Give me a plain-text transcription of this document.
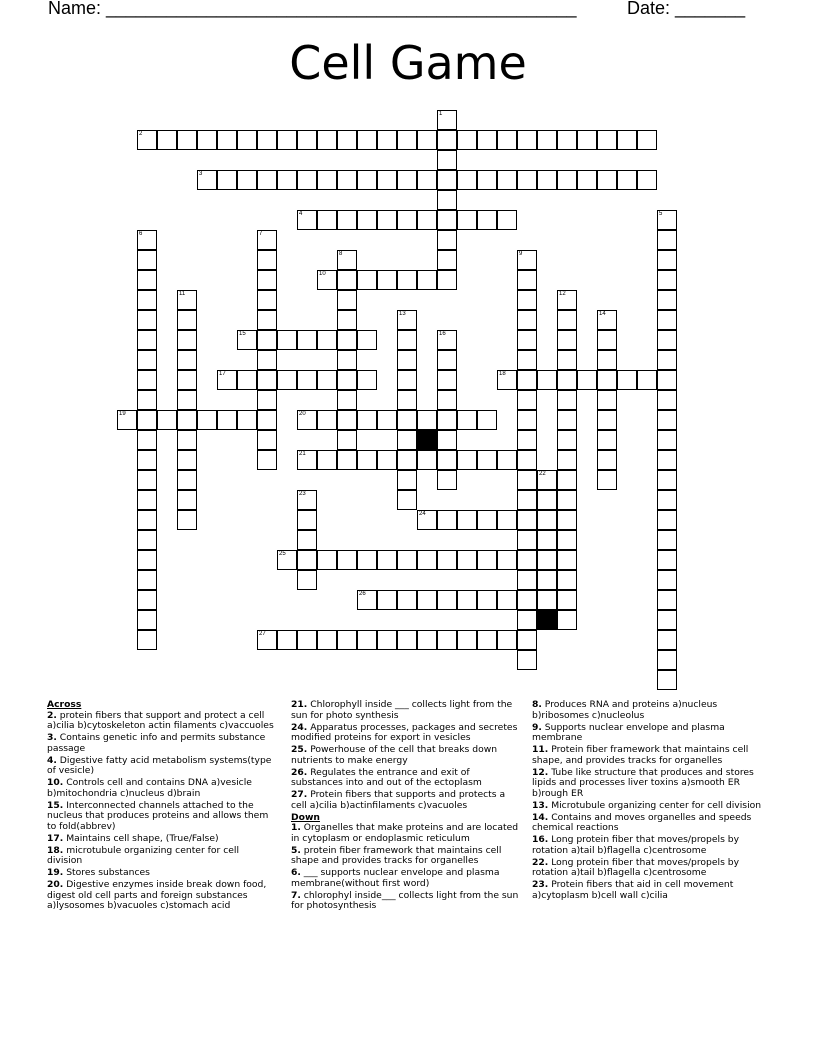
Name: _______________________________________________	Date: _______
Cell Game
1
2
3
4	5
6	7
8	9
10
11	12
13	14
15	16
17	18
19	20
21
22
23
24
25
26
27
Across
2. protein fibers that support and protect a cell a)cilia b)cytoskeleton actin filaments c)vaccuoles
3. Contains genetic info and permits substance passage
4. Digestive fatty acid metabolism systems(type of vesicle)
10. Controls cell and contains DNA a)vesicle b)mitochondria c)nucleus d)brain
15. Interconnected channels attached to the nucleus that produces proteins and allows them to fold(abbrev)
17. Maintains cell shape, (True/False)
18. microtubule organizing center for cell division
19. Stores substances
20. Digestive enzymes inside break down food, digest old cell parts and foreign substances a)lysosomes b)vacuoles c)stomach acid
21. Chlorophyll inside ___ collects light from the sun for photo synthesis
24. Apparatus processes, packages and secretes modified proteins for export in vesicles
25. Powerhouse of the cell that breaks down nutrients to make energy
26. Regulates the entrance and exit of substances into and out of the ectoplasm
27. Protein fibers that supports and protects a cell a)cilia b)actinfilaments c)vacuoles
Down
1. Organelles that make proteins and are located in cytoplasm or endoplasmic reticulum
5. protein fiber framework that maintains cell shape and provides tracks for organelles
6. ___ supports nuclear envelope and plasma membrane(without first word)
7. chlorophyl inside___ collects light from the sun for photosynthesis
8. Produces RNA and proteins a)nucleus b)ribosomes c)nucleolus
9. Supports nuclear envelope and plasma membrane
11. Protein fiber framework that maintains cell shape, and provides tracks for organelles
12. Tube like structure that produces and stores lipids and processes liver toxins a)smooth ER b)rough ER
13. Microtubule organizing center for cell division
14. Contains and moves organelles and speeds chemical reactions
16. Long protein fiber that moves/propels by rotation a)tail b)flagella c)centrosome
22. Long protein fiber that moves/propels by rotation a)tail b)flagella c)centrosome
23. Protein fibers that aid in cell movement a)cytoplasm b)cell wall c)cilia
